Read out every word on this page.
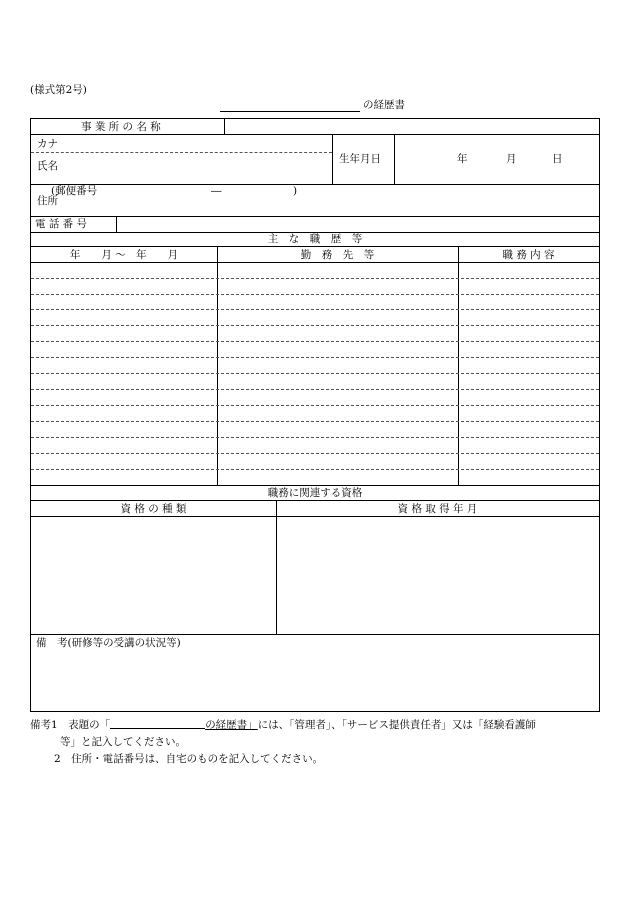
(様式第2号)
の経歴書
事 業 所 の 名 称
カナ
氏名
生年月日	年	月	日
(郵便番号	―	)
住所
電 話 番 号
主　な　職　歴　等
年　　月 〜　年　　月	勤　務　先　等	職 務 内 容
職務に関連する資格
資 格 の 種 類	資 格 取 得 年 月
備　考(研修等の受講の状況等)
備考1　表題の「	の経歴書」には、「管理者」、「サービス提供責任者」又は「経験看護師
等」と記入してください。
2　住所・電話番号は、自宅のものを記入してください。
